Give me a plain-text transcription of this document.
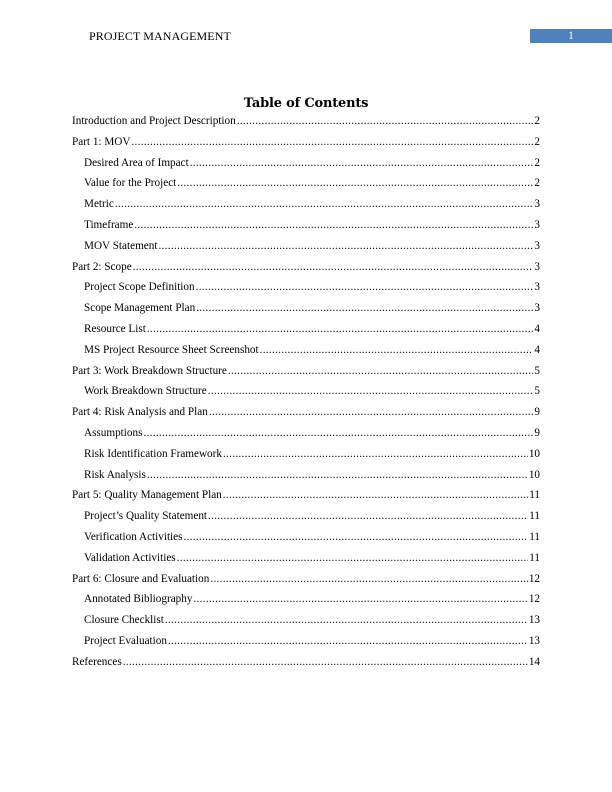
PROJECT MANAGEMENT	1
Table of Contents
Introduction and Project Description .....	2
Part 1: MOV .....	2
Desired Area of Impact .....	2
Value for the Project .....	2
Metric .....	3
Timeframe .....	3
MOV Statement .....	3
Part 2: Scope .....	3
Project Scope Definition .....	3
Scope Management Plan .....	3
Resource List .....	4
MS Project Resource Sheet Screenshot .....	4
Part 3: Work Breakdown Structure .....	5
Work Breakdown Structure .....	5
Part 4: Risk Analysis and Plan .....	9
Assumptions .....	9
Risk Identification Framework .....	10
Risk Analysis .....	10
Part 5: Quality Management Plan .....	11
Project’s Quality Statement .....	11
Verification Activities .....	11
Validation Activities .....	11
Part 6: Closure and Evaluation .....	12
Annotated Bibliography .....	12
Closure Checklist .....	13
Project Evaluation .....	13
References .....	14
